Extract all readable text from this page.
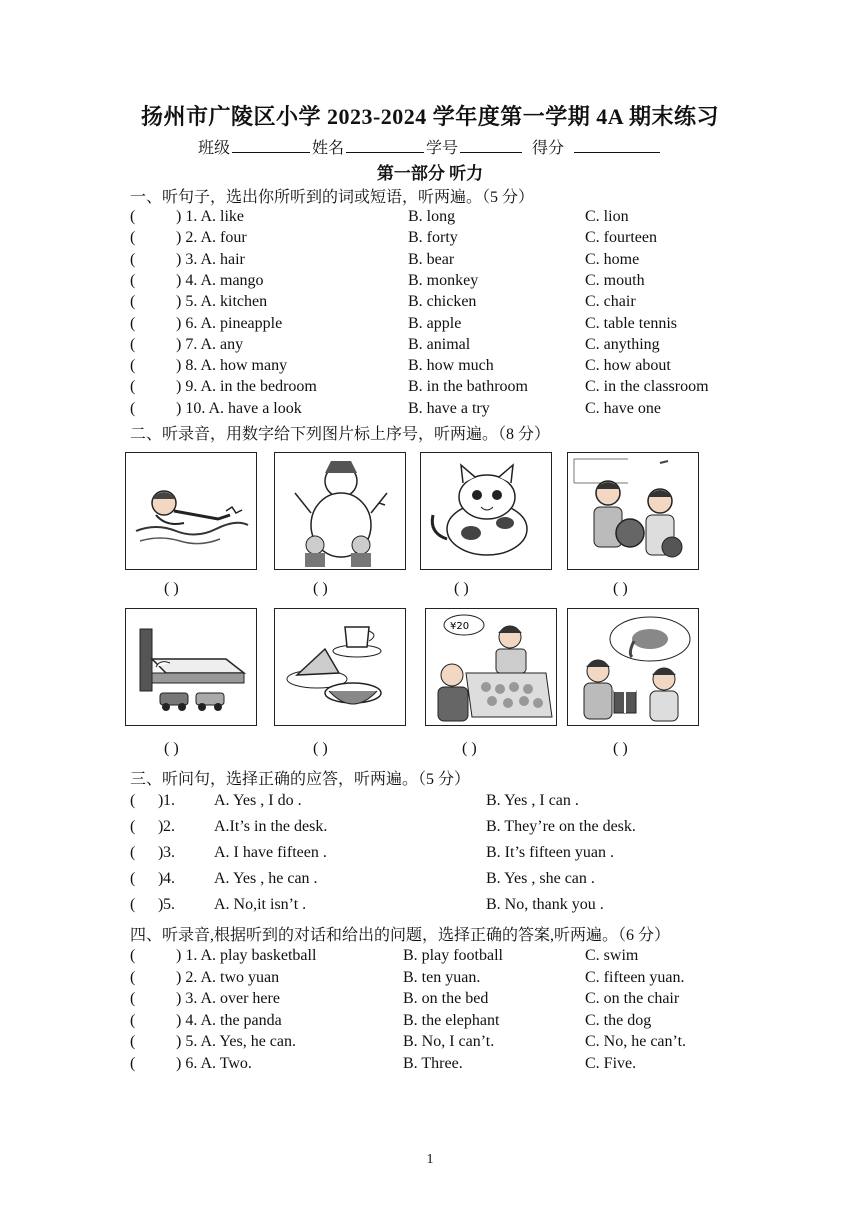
扬州市广陵区小学 2023-2024 学年度第一学期 4A 期末练习
班级	姓名	学号	得分
第一部分 听力
一、听句子，选出你所听到的词或短语，听两遍。（5 分）
(	) 1. A. like	B. long	C. lion
(	) 2. A. four	B. forty	C. fourteen
(	) 3. A. hair	B. bear	C. home
(	) 4. A. mango	B. monkey	C. mouth
(	) 5. A. kitchen	B. chicken	C. chair
(	) 6. A. pineapple	B. apple	C. table tennis
(	) 7. A. any	B. animal	C. anything
(	) 8. A. how many	B. how much	C. how about
(	) 9. A. in the bedroom	B. in the bathroom	C. in the classroom
(	) 10. A. have a look	B. have a try	C. have one
二、听录音，用数字给下列图片标上序号，听两遍。（8 分）
( )	( )	( )	( )
¥20
( )	( )	( )	( )
三、听问句，选择正确的应答，听两遍。（5 分）
( ) 1. A. Yes , I do .	B. Yes , I can .
( ) 2. A.It’s in the desk.	B. They’re on the desk.
( ) 3. A. I have fifteen .	B. It’s fifteen yuan .
( ) 4. A. Yes , he can .	B. Yes , she can .
( ) 5. A. No,it isn’t .	B. No, thank you .
四、听录音,根据听到的对话和给出的问题，选择正确的答案,听两遍。（6 分）
(	) 1. A. play basketball	B. play football	C. swim
(	) 2. A. two yuan	B. ten yuan.	C. fifteen yuan.
(	) 3. A. over here	B. on the bed	C. on the chair
(	) 4. A. the panda	B. the elephant	C. the dog
(	) 5. A. Yes, he can.	B. No, I can’t.	C. No, he can’t.
(	) 6. A. Two.	B. Three.	C. Five.
1
